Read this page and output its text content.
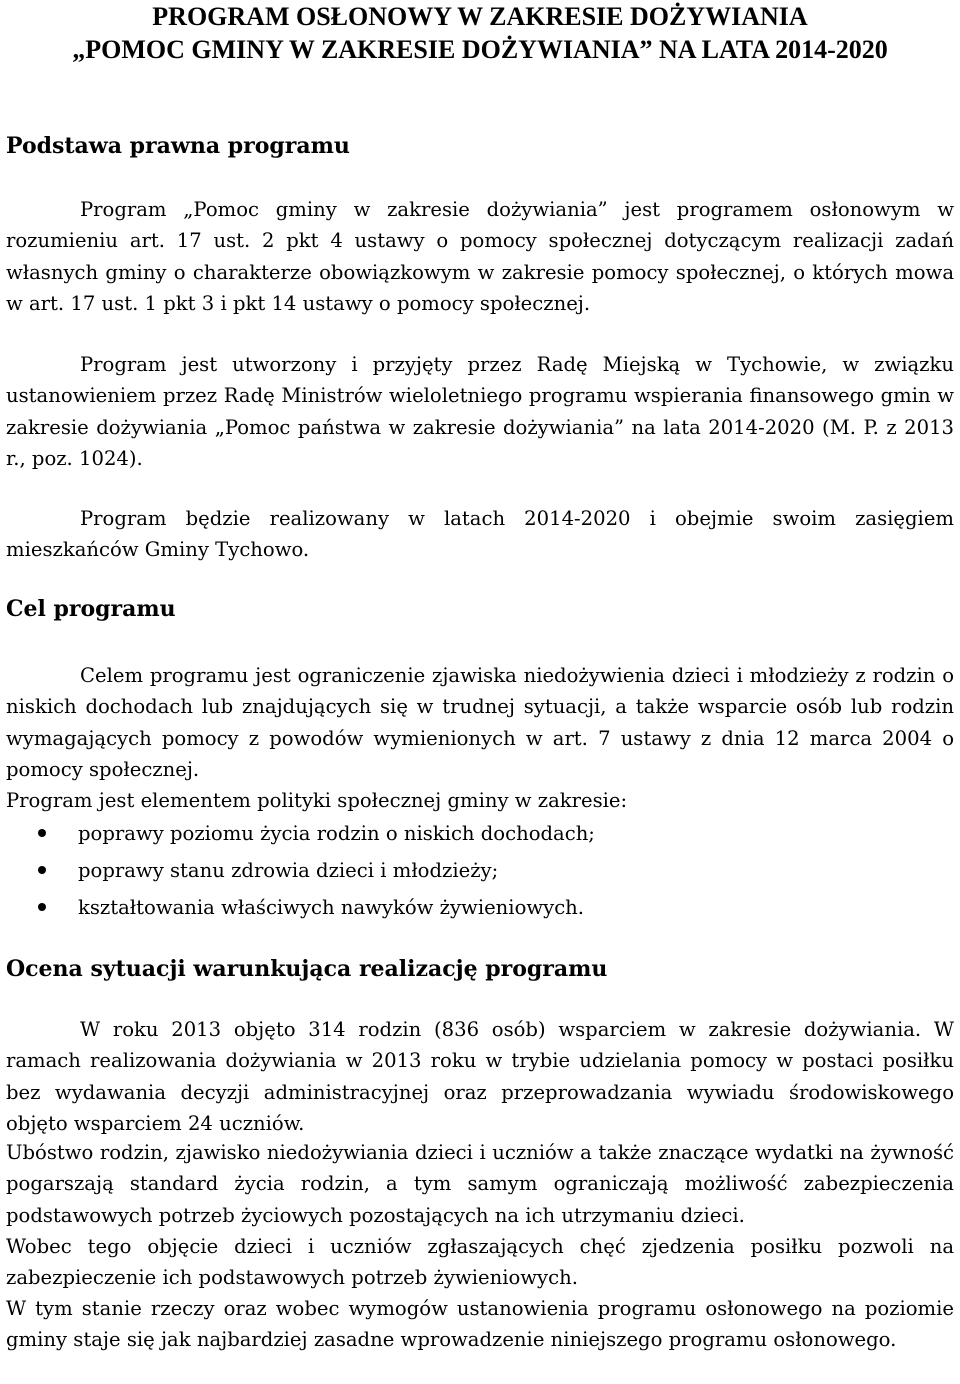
PROGRAM OSŁONOWY W ZAKRESIE DOŻYWIANIA
„POMOC GMINY W ZAKRESIE DOŻYWIANIA” NA LATA 2014-2020
Podstawa prawna programu

Program „Pomoc gminy w zakresie dożywiania” jest programem osłonowym w rozumieniu art. 17 ust. 2 pkt 4 ustawy o pomocy społecznej dotyczącym realizacji zadań własnych gminy o charakterze obowiązkowym w zakresie pomocy społecznej, o których mowa w art. 17 ust. 1 pkt 3 i pkt 14 ustawy o pomocy społecznej.

Program jest utworzony i przyjęty przez Radę Miejską w Tychowie, w związku ustanowieniem przez Radę Ministrów wieloletniego programu wspierania finansowego gmin w zakresie dożywiania „Pomoc państwa w zakresie dożywiania” na lata 2014-2020 (M. P. z 2013 r., poz. 1024).

Program będzie realizowany w latach 2014-2020 i obejmie swoim zasięgiem mieszkańców Gminy Tychowo.

Cel programu

Celem programu jest ograniczenie zjawiska niedożywienia dzieci i młodzieży z rodzin o niskich dochodach lub znajdujących się w trudnej sytuacji, a także wsparcie osób lub rodzin wymagających pomocy z powodów wymienionych w art. 7 ustawy z dnia 12 marca 2004 o pomocy społecznej.

Program jest elementem polityki społecznej gminy w zakresie:

poprawy poziomu życia rodzin o niskich dochodach;
poprawy stanu zdrowia dzieci i młodzieży;
kształtowania właściwych nawyków żywieniowych.
Ocena sytuacji warunkująca realizację programu

W roku 2013 objęto 314 rodzin (836 osób) wsparciem w zakresie dożywiania. W ramach realizowania dożywiania w 2013 roku w trybie udzielania pomocy w postaci posiłku bez wydawania decyzji administracyjnej oraz przeprowadzania wywiadu środowiskowego objęto wsparciem 24 uczniów.

Ubóstwo rodzin, zjawisko niedożywiania dzieci i uczniów a także znaczące wydatki na żywność pogarszają standard życia rodzin, a tym samym ograniczają możliwość zabezpieczenia podstawowych potrzeb życiowych pozostających na ich utrzymaniu dzieci.

Wobec tego objęcie dzieci i uczniów zgłaszających chęć zjedzenia posiłku pozwoli na zabezpieczenie ich podstawowych potrzeb żywieniowych.

W tym stanie rzeczy oraz wobec wymogów ustanowienia programu osłonowego na poziomie gminy staje się jak najbardziej zasadne wprowadzenie niniejszego programu osłonowego.
